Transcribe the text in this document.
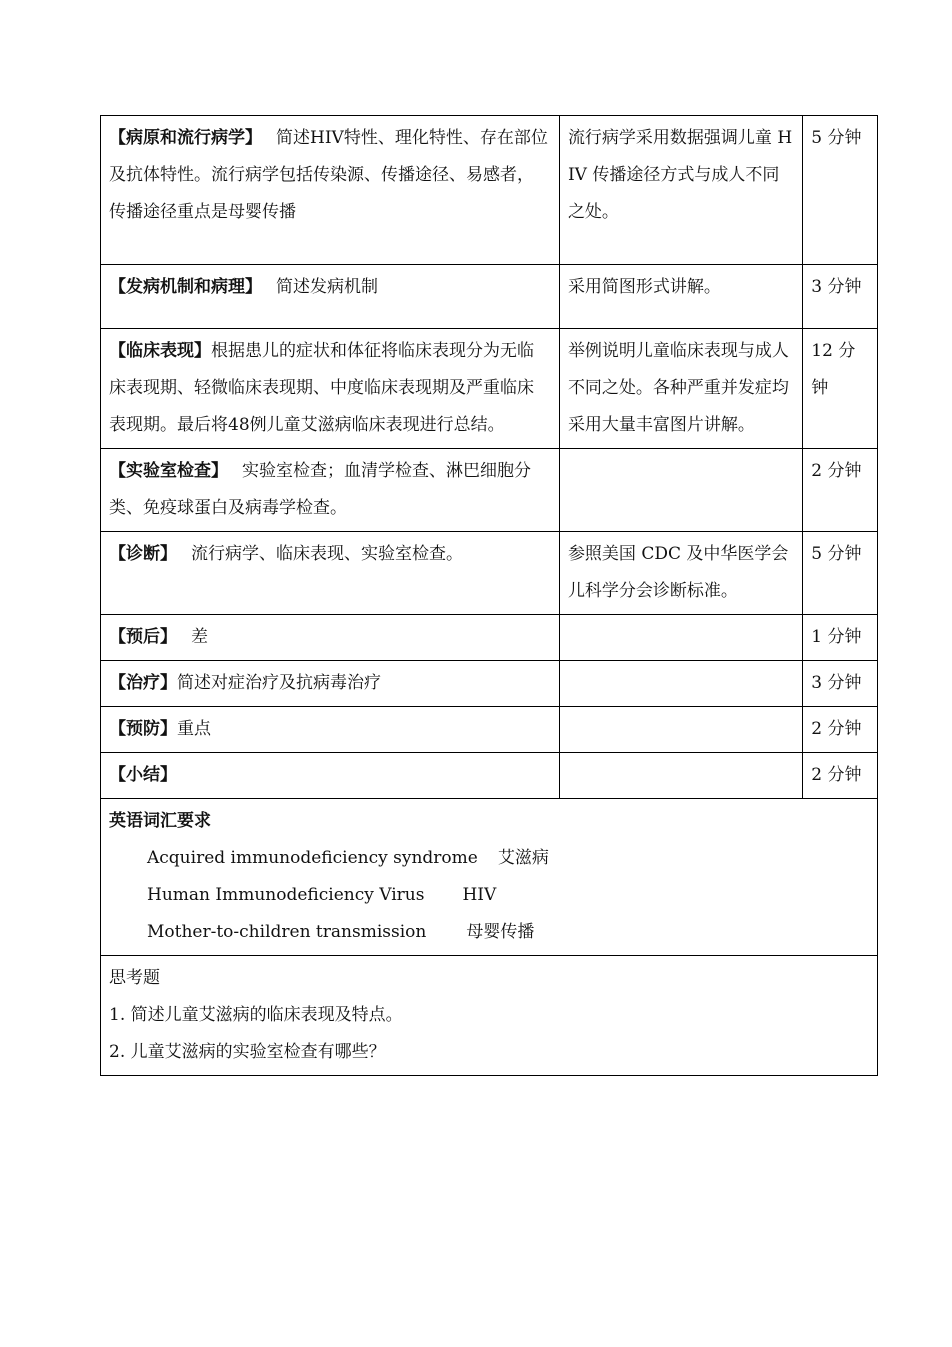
【病原和流行病学】 简述HIV特性、理化特性、存在部位及抗体特性。流行病学包括传染源、传播途径、易感者，传播途径重点是母婴传播	流行病学采用数据强调儿童 HIV 传播途径方式与成人不同之处。	5 分钟
【发病机制和病理】 简述发病机制	采用简图形式讲解。	3 分钟
【临床表现】根据患儿的症状和体征将临床表现分为无临床表现期、轻微临床表现期、中度临床表现期及严重临床表现期。最后将48例儿童艾滋病临床表现进行总结。	举例说明儿童临床表现与成人不同之处。各种严重并发症均采用大量丰富图片讲解。	12 分钟
【实验室检查】 实验室检查；血清学检查、淋巴细胞分类、免疫球蛋白及病毒学检查。		2 分钟
【诊断】 流行病学、临床表现、实验室检查。	参照美国 CDC 及中华医学会儿科学分会诊断标准。	5 分钟
【预后】 差		1 分钟
【治疗】简述对症治疗及抗病毒治疗		3 分钟
【预防】重点		2 分钟
【小结】		2 分钟

英语词汇要求
Acquired immunodeficiency syndrome 艾滋病
Human Immunodeficiency Virus HIV
Mother-to-children transmission 母婴传播		

思考题
1. 简述儿童艾滋病的临床表现及特点。
2. 儿童艾滋病的实验室检查有哪些？		
